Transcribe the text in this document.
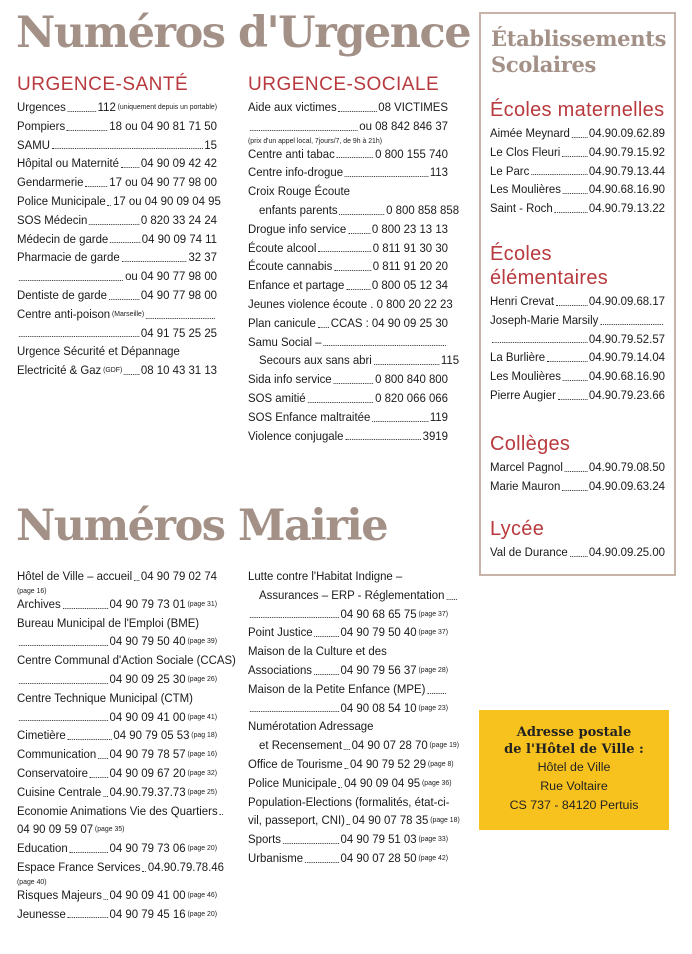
Numéros d'Urgence
Numéros Mairie
URGENCE-SANTÉ
Urgences	112 (uniquement depuis un portable)
Pompiers	18 ou 04 90 81 71 50
SAMU	15
Hôpital ou Maternité 04 90 09 42 42
Gendarmerie 17 ou 04 90 77 98 00
Police Municipale 17 ou 04 90 09 04 95
SOS Médecin	0 820 33 24 24
Médecin de garde	04 90 09 74 11
Pharmacie de garde	32 37
ou 04 90 77 98 00
Dentiste de garde	04 90 77 98 00
Centre anti-poison (Marseille)
04 91 75 25 25
Urgence Sécurité et Dépannage
Electricité & Gaz (GDF) 08 10 43 31 13
URGENCE-SOCIALE
Aide aux victimes	08 VICTIMES
ou 08 842 846 37
(prix d'un appel local, 7jours/7, de 9h à 21h)
Centre anti tabac	0 800 155 740
Centre info-drogue	113
Croix Rouge Écoute
enfants parents	0 800 858 858
Drogue info service 0 800 23 13 13
Écoute alcool	0 811 91 30 30
Écoute cannabis	0 811 91 20 20
Enfance et partage 0 800 05 12 34
Jeunes violence écoute . 0 800 20 22 23
Plan canicule CCAS : 04 90 09 25 30
Samu Social –
Secours aux sans abri	115
Sida info service	0 800 840 800
SOS amitié	0 820 066 066
SOS Enfance maltraitée	119
Violence conjugale	3919
Hôtel de Ville – accueil 04 90 79 02 74
(page 16)
Archives	04 90 79 73 01 (page 31)
Bureau Municipal de l'Emploi (BME)
04 90 79 50 40 (page 39)
Centre Communal d'Action Sociale (CCAS)
04 90 09 25 30 (page 26)
Centre Technique Municipal (CTM)
04 90 09 41 00 (page 41)
Cimetière	04 90 79 05 53 (pag 18)
Communication 04 90 79 78 57 (page 16)
Conservatoire 04 90 09 67 20 (page 32)
Cuisine Centrale 04.90.79.37.73 (page 25)
Economie Animations Vie des Quartiers
04 90 09 59 07 (page 35)
Education	04 90 79 73 06 (page 20)
Espace France Services 04.90.79.78.46
(page 40)
Risques Majeurs 04 90 09 41 00 (page 46)
Jeunesse	04 90 79 45 16 (page 20)
Lutte contre l'Habitat Indigne –
Assurances – ERP - Réglementation
04 90 68 65 75 (page 37)
Point Justice 04 90 79 50 40 (page 37)
Maison de la Culture et des
Associations 04 90 79 56 37 (page 28)
Maison de la Petite Enfance (MPE)
04 90 08 54 10 (page 23)
Numérotation Adressage
et Recensement 04 90 07 28 70 (page 19)
Office de Tourisme 04 90 79 52 29 (page 8)
Police Municipale 04 90 09 04 95 (page 36)
Population-Elections (formalités, état-ci-
vil, passeport, CNI) 04 90 07 78 35 (page 18)
Sports	04 90 79 51 03 (page 33)
Urbanisme	04 90 07 28 50 (page 42)
Établissements
Scolaires
Écoles maternelles
Aimée Meynard 04.90.09.62.89
Le Clos Fleuri 04.90.79.15.92
Le Parc	04.90.79.13.44
Les Moulières 04.90.68.16.90
Saint - Roch	04.90.79.13.22
Écoles
élémentaires
Henri Crevat	04.90.09.68.17
Joseph-Marie Marsily
04.90.79.52.57
La Burlière	04.90.79.14.04
Les Moulières 04.90.68.16.90
Pierre Augier	04.90.79.23.66
Collèges
Marcel Pagnol 04.90.79.08.50
Marie Mauron 04.90.09.63.24
Lycée
Val de Durance 04.90.09.25.00
Adresse postale
de l'Hôtel de Ville :
Hôtel de Ville
Rue Voltaire
CS 737 - 84120 Pertuis
